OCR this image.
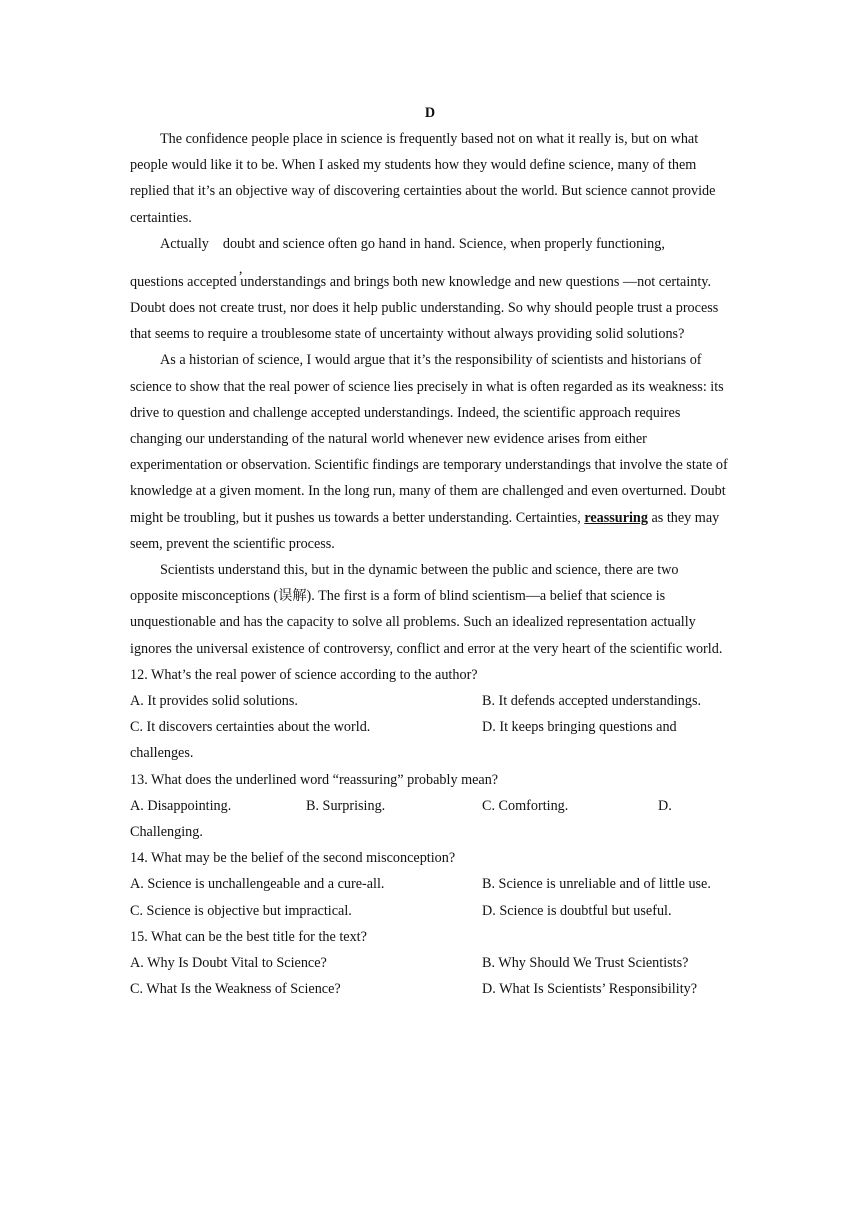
D

The confidence people place in science is frequently based not on what it really is, but on what people would like it to be. When I asked my students how they would define science, many of them replied that it’s an objective way of discovering certainties about the world. But science cannot provide certainties.

Actually
,
doubt and science often go hand in hand. Science, when properly functioning,

questions accepted understandings and brings both new knowledge and new questions —not certainty. Doubt does not create trust, nor does it help public understanding. So why should people trust a process that seems to require a troublesome state of uncertainty without always providing solid solutions?

As a historian of science, I would argue that it’s the responsibility of scientists and historians of science to show that the real power of science lies precisely in what is often regarded as its weakness: its drive to question and challenge accepted understandings. Indeed, the scientific approach requires changing our understanding of the natural world whenever new evidence arises from either experimentation or observation. Scientific findings are temporary understandings that involve the state of knowledge at a given moment. In the long run, many of them are challenged and even overturned. Doubt might be troubling, but it pushes us towards a better understanding. Certainties, reassuring as they may seem, prevent the scientific process.

Scientists understand this, but in the dynamic between the public and science, there are two opposite misconceptions (误解). The first is a form of blind scientism—a belief that science is unquestionable and has the capacity to solve all problems. Such an idealized representation actually ignores the universal existence of controversy, conflict and error at the very heart of the scientific world.

12. What’s the real power of science according to the author?

A. It provides solid solutions.	B. It defends accepted understandings.
C. It discovers certainties about the world.	D. It keeps bringing questions and

challenges.

13. What does the underlined word “reassuring” probably mean?

A. Disappointing.	B. Surprising.	C. Comforting.	D.

Challenging.

14. What may be the belief of the second misconception?

A. Science is unchallengeable and a cure-all.	B. Science is unreliable and of little use.
C. Science is objective but impractical.	D. Science is doubtful but useful.

15. What can be the best title for the text?

A. Why Is Doubt Vital to Science?	B. Why Should We Trust Scientists?
C. What Is the Weakness of Science?	D. What Is Scientists’ Responsibility?
